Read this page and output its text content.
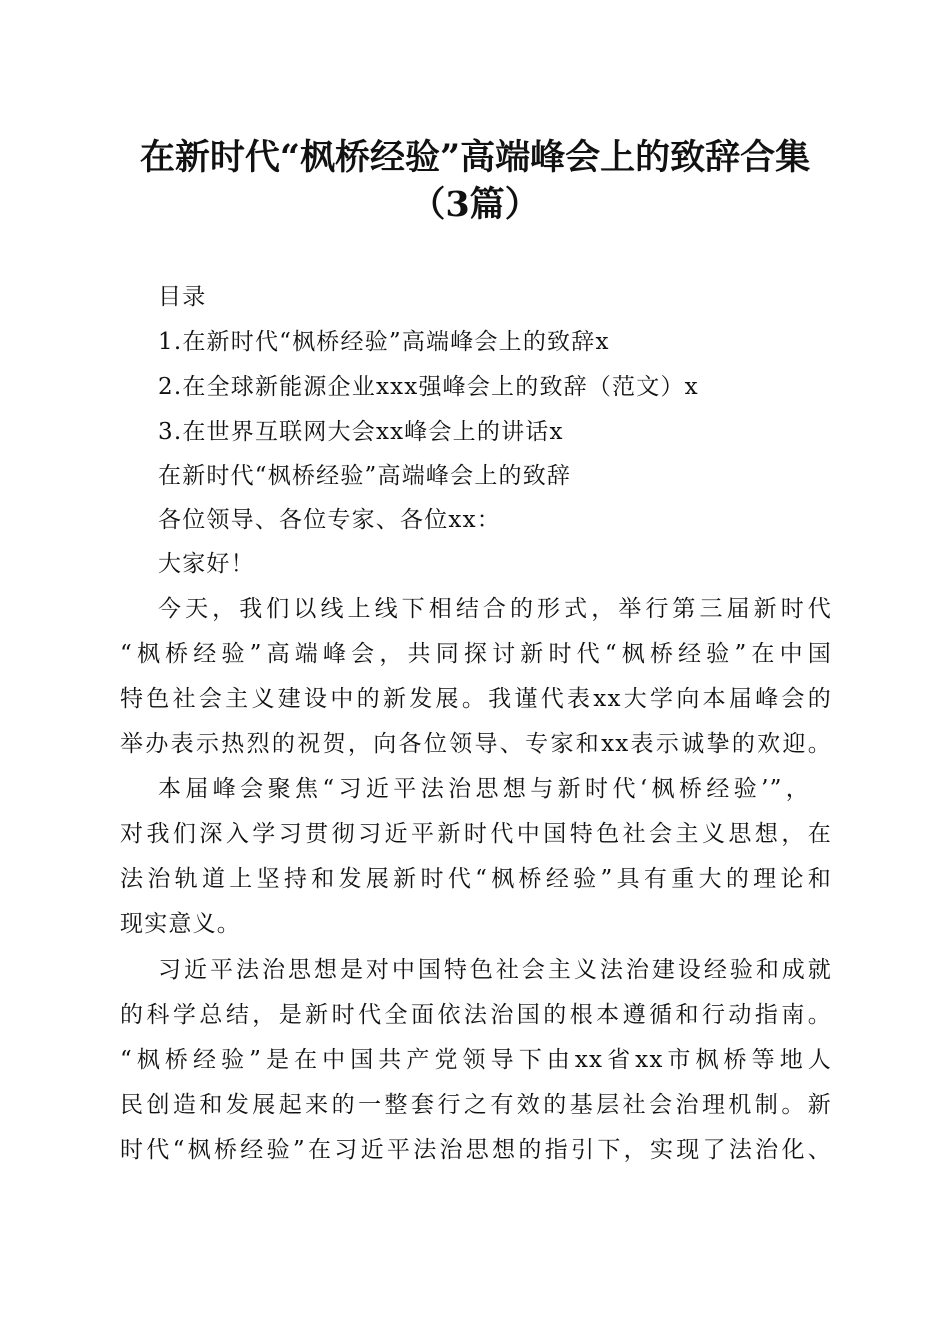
在新时代“枫桥经验”高端峰会上的致辞合集
（3篇）
目录
1.在新时代“枫桥经验”高端峰会上的致辞x
2.在全球新能源企业xxx强峰会上的致辞（范文）x
3.在世界互联网大会xx峰会上的讲话x
在新时代“枫桥经验”高端峰会上的致辞
各位领导、各位专家、各位xx：
大家好！
今天，我们以线上线下相结合的形式，举行第三届新时代
“枫桥经验”高端峰会，共同探讨新时代“枫桥经验”在中国
特色社会主义建设中的新发展。我谨代表xx大学向本届峰会的
举办表示热烈的祝贺，向各位领导、专家和xx表示诚挚的欢迎。
本届峰会聚焦“习近平法治思想与新时代‘枫桥经验’”，
对我们深入学习贯彻习近平新时代中国特色社会主义思想，在
法治轨道上坚持和发展新时代“枫桥经验”具有重大的理论和
现实意义。
习近平法治思想是对中国特色社会主义法治建设经验和成就
的科学总结，是新时代全面依法治国的根本遵循和行动指南。
“枫桥经验”是在中国共产党领导下由xx省xx市枫桥等地人
民创造和发展起来的一整套行之有效的基层社会治理机制。新
时代“枫桥经验”在习近平法治思想的指引下，实现了法治化、
